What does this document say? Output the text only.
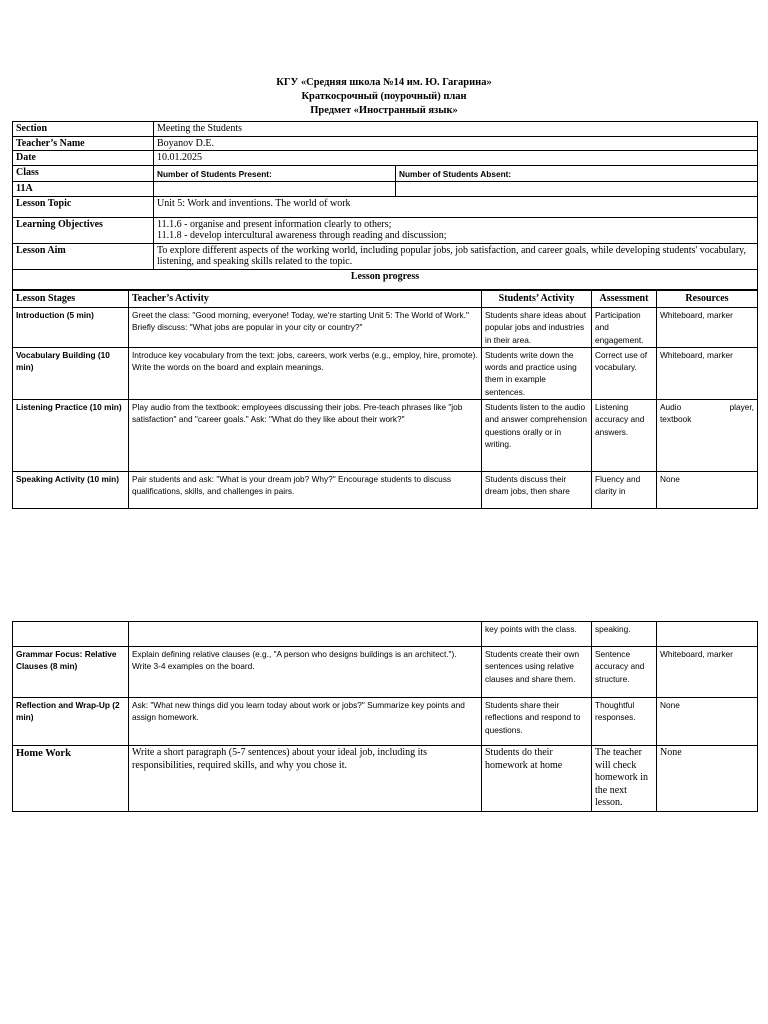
КГУ «Средняя школа №14 им. Ю. Гагарина»
Краткосрочный (поурочный) план
Предмет «Иностранный язык»
Section	Meeting the Students	
Teacher’s Name	Boyanov D.E.	
Date	10.01.2025	
Class	Number of Students Present:	Number of Students Absent:
11A		
Lesson Topic	Unit 5: Work and inventions. The world of work	
Learning Objectives	11.1.6 - organise and present information clearly to others;
11.1.8 - develop intercultural awareness through reading and discussion;	

Lesson Aim	To explore different aspects of the working world, including popular jobs, job satisfaction, and career goals, while developing students' vocabulary, listening, and speaking skills related to the topic.	
Lesson progress		
Lesson Stages	Teacher’s Activity	Students’ Activity	Assessment	Resources
Introduction (5 min)	Greet the class: "Good morning, everyone! Today, we're starting Unit 5: The World of Work." Briefly discuss: "What jobs are popular in your city or country?"	Students share ideas about popular jobs and industries in their area.	Participation and engagement.	Whiteboard, marker
Vocabulary Building (10 min)	Introduce key vocabulary from the text: jobs, careers, work verbs (e.g., employ, hire, promote). Write the words on the board and explain meanings.	Students write down the words and practice using them in example sentences.	Correct use of vocabulary.	Whiteboard, marker
Listening Practice (10 min)	Play audio from the textbook: employees discussing their jobs. Pre-teach phrases like "job satisfaction" and "career goals." Ask: "What do they like about their work?"	Students listen to the audio and answer comprehension questions orally or in writing.	Listening accuracy and answers.	Audio player,
textbook

Speaking Activity (10 min)	Pair students and ask: "What is your dream job? Why?" Encourage students to discuss qualifications, skills, and challenges in pairs.	Students discuss their dream jobs, then share	Fluency and clarity in	None
		key points with the class.	speaking.	
Grammar Focus: Relative Clauses (8 min)	Explain defining relative clauses (e.g., "A person who designs buildings is an architect."). Write 3-4 examples on the board.	Students create their own sentences using relative clauses and share them.	Sentence accuracy and structure.	Whiteboard, marker
Reflection and Wrap-Up (2 min)	Ask: "What new things did you learn today about work or jobs?" Summarize key points and assign homework.	Students share their reflections and respond to questions.	Thoughtful responses.	None
Home Work	Write a short paragraph (5-7 sentences) about your ideal job, including its responsibilities, required skills, and why you chose it.	Students do their homework at home	The teacher will check homework in the next lesson.	None
